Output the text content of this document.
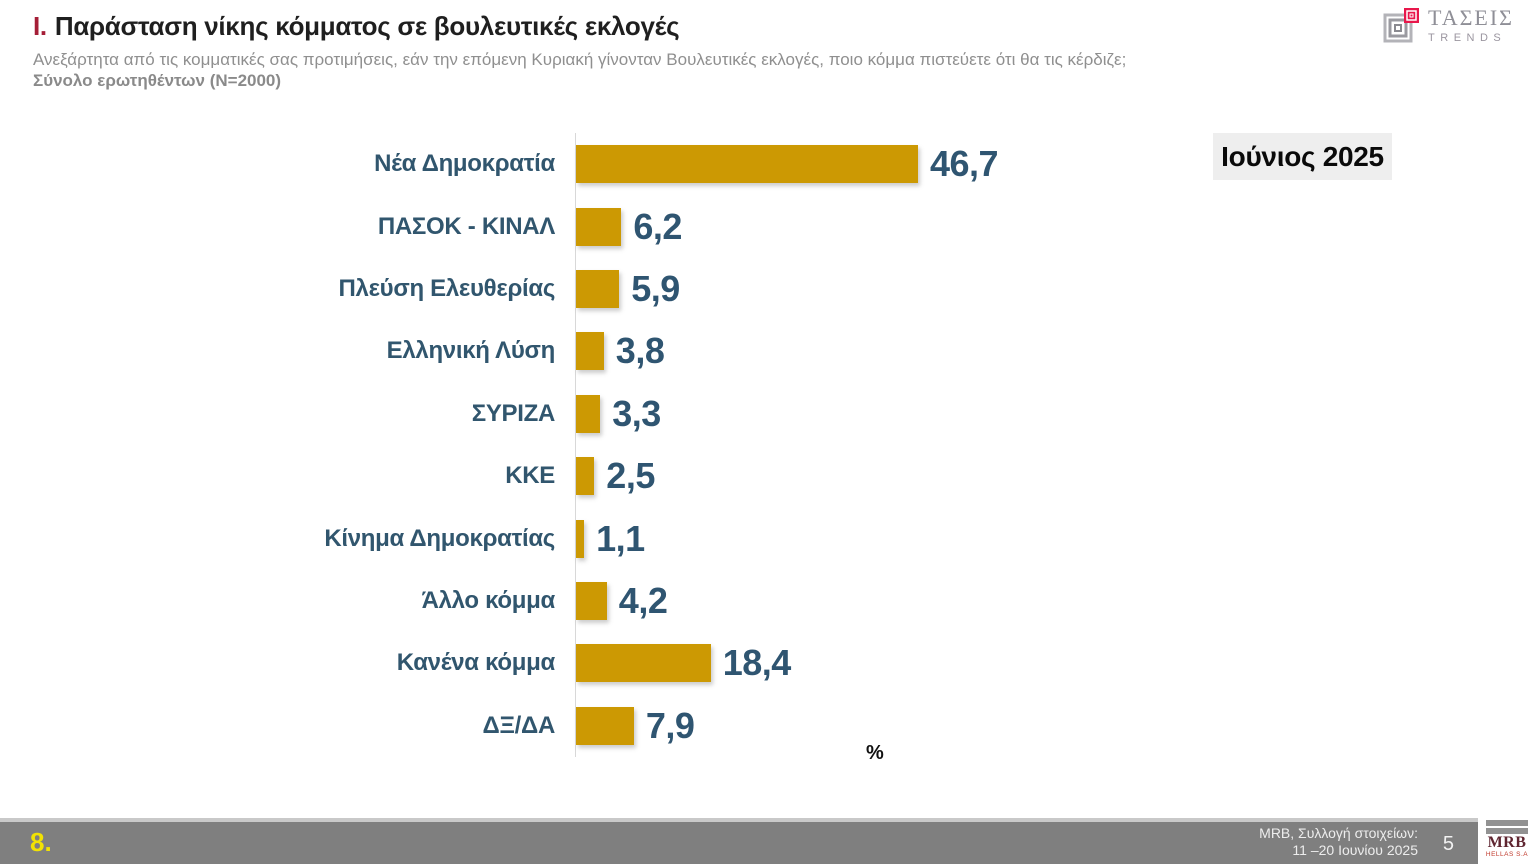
Ι. Παράσταση νίκης κόμματος σε βουλευτικές εκλογές
Ανεξάρτητα από τις κομματικές σας προτιμήσεις, εάν την επόμενη Κυριακή γίνονταν Βουλευτικές εκλογές, ποιο κόμμα πιστεύετε ότι θα τις κέρδιζε;
Σύνολο ερωτηθέντων (Ν=2000)
ΤΑΣΕΙΣ
TRENDS
Νέα Δημοκρατία	46,7
ΠΑΣΟΚ - ΚΙΝΑΛ 6,2
Πλεύση Ελευθερίας 5,9
Ελληνική Λύση 3,8
ΣΥΡΙΖΑ 3,3
ΚΚΕ 2,5
Κίνημα Δημοκρατίας 1,1
Άλλο κόμμα 4,2
Κανένα κόμμα	18,4
ΔΞ/ΔΑ	7,9
%
Ιούνιος 2025
8.	MRB, Συλλογή στοιχείων:
11 –20 Ιουνίου 2025 5 MRB
HELLAS S.A
